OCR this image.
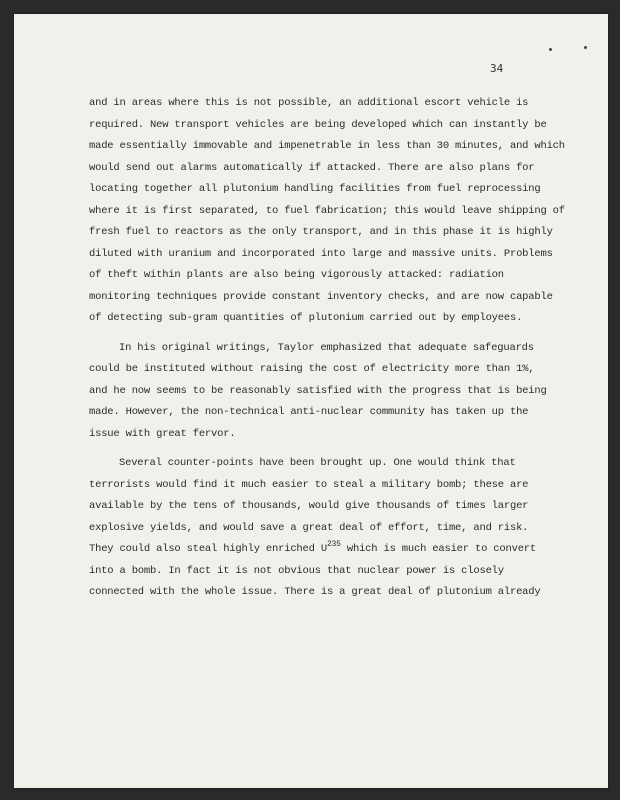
34
and in areas where this is not possible, an additional escort vehicle is
required. New transport vehicles are being developed which can instantly be
made essentially immovable and impenetrable in less than 30 minutes, and which
would send out alarms automatically if attacked. There are also plans for
locating together all plutonium handling facilities from fuel reprocessing
where it is first separated, to fuel fabrication; this would leave shipping of
fresh fuel to reactors as the only transport, and in this phase it is highly
diluted with uranium and incorporated into large and massive units. Problems
of theft within plants are also being vigorously attacked: radiation
monitoring techniques provide constant inventory checks, and are now capable
of detecting sub-gram quantities of plutonium carried out by employees.
In his original writings, Taylor emphasized that adequate safeguards
could be instituted without raising the cost of electricity more than 1%,
and he now seems to be reasonably satisfied with the progress that is being
made. However, the non-technical anti-nuclear community has taken up the
issue with great fervor.
Several counter-points have been brought up. One would think that
terrorists would find it much easier to steal a military bomb; these are
available by the tens of thousands, would give thousands of times larger
explosive yields, and would save a great deal of effort, time, and risk.
They could also steal highly enriched $U^{235}$ which is much easier to convert
into a bomb. In fact it is not obvious that nuclear power is closely
connected with the whole issue. There is a great deal of plutonium already
